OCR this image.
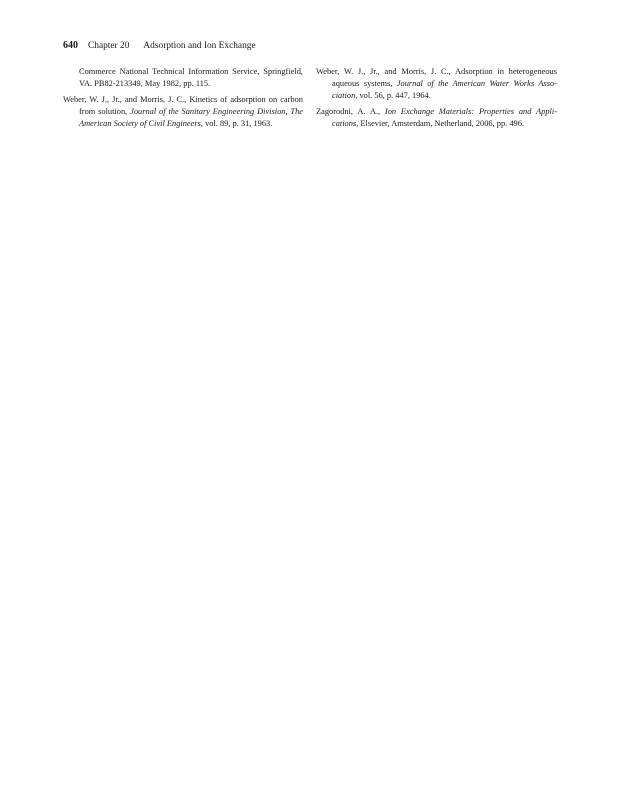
640 Chapter 20 Adsorption and Ion Exchange

Commerce National Technical Information Service, Springfield, VA. PB82-213349, May 1982, pp. 115.

Weber, W. J., Jr., and Morris, J. C., Kinetics of adsorption on carbon from solution, Journal of the Sanitary Engineering Division, The American Society of Civil Engineers, vol. 89, p. 31, 1963.

Weber, W. J., Jr., and Morris, J. C., Adsorption in heterogeneous aqueous systems, Journal of the American Water Works Association, vol. 56, p. 447, 1964.

Zagorodni, A. A., Ion Exchange Materials: Properties and Applications, Elsevier, Amsterdam, Netherland, 2006, pp. 496.
